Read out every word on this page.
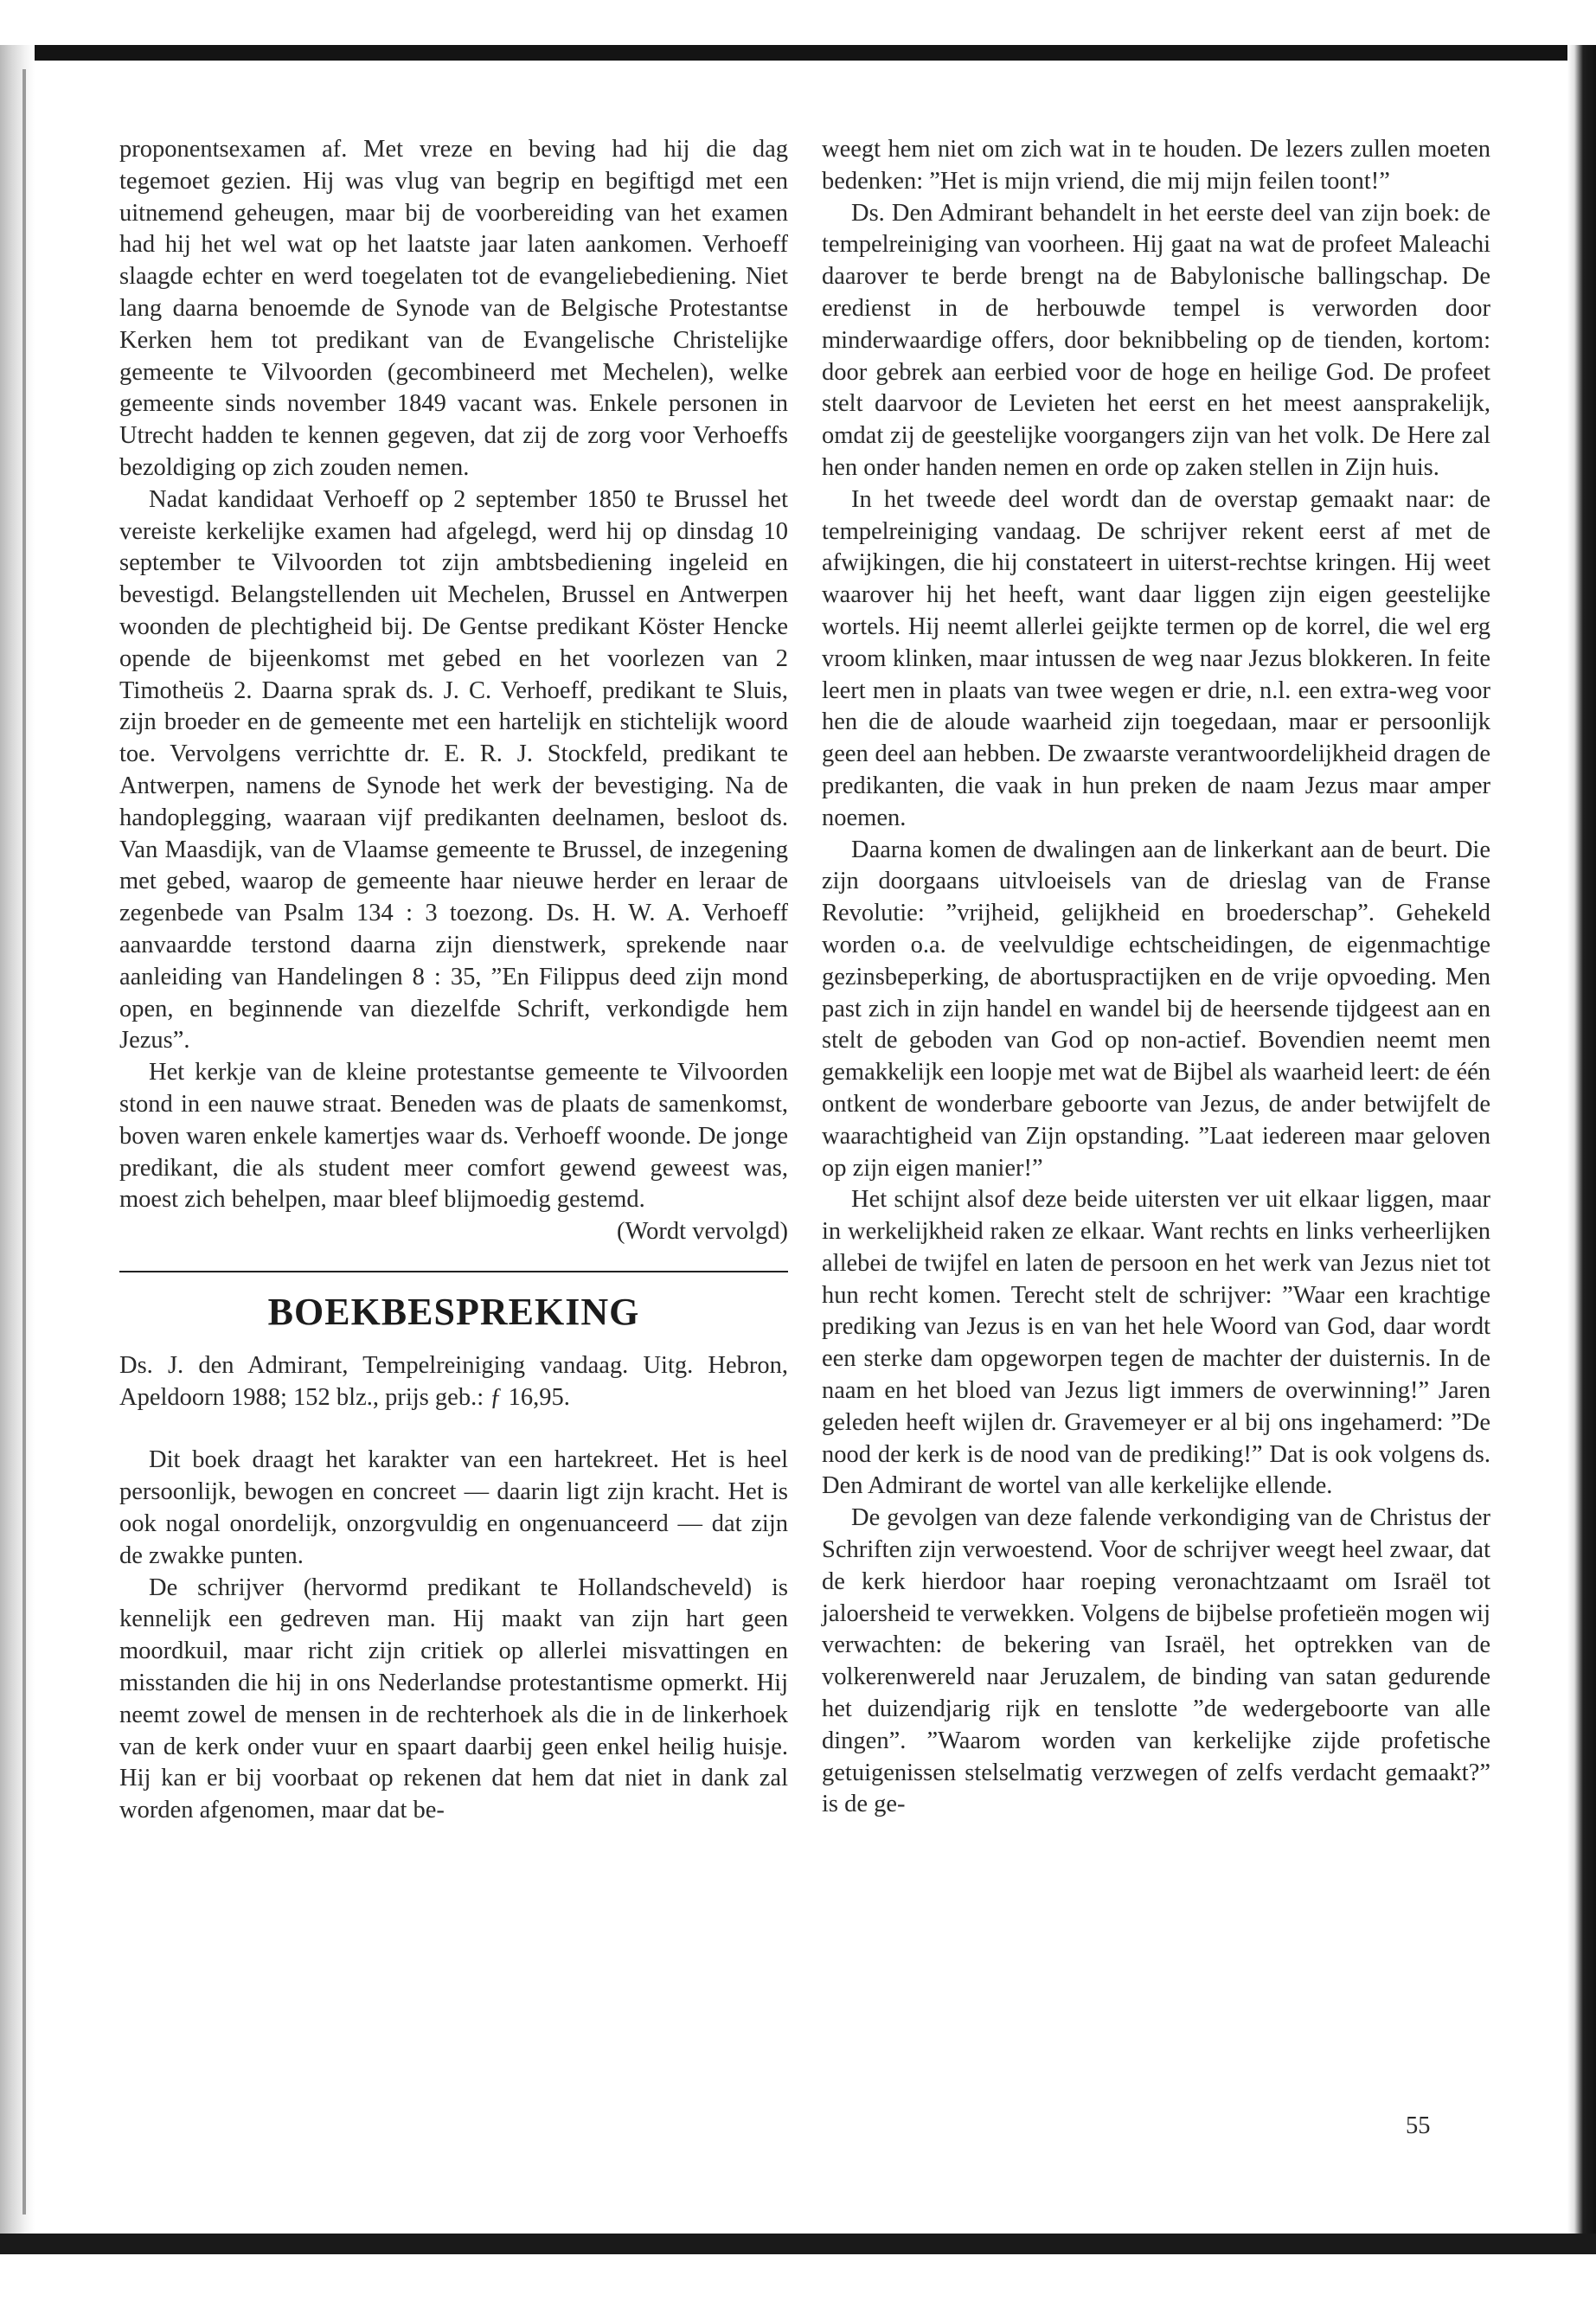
proponentsexamen af. Met vreze en beving had hij die dag tegemoet gezien. Hij was vlug van begrip en begiftigd met een uitnemend geheugen, maar bij de voorbereiding van het examen had hij het wel wat op het laatste jaar laten aankomen. Verhoeff slaagde echter en werd toegelaten tot de evangeliebediening. Niet lang daarna benoemde de Synode van de Belgische Protestantse Kerken hem tot predikant van de Evangelische Christelijke gemeente te Vilvoorden (gecombineerd met Mechelen), welke gemeente sinds november 1849 vacant was. Enkele personen in Utrecht hadden te kennen gegeven, dat zij de zorg voor Verhoeffs bezoldiging op zich zouden nemen.

Nadat kandidaat Verhoeff op 2 september 1850 te Brussel het vereiste kerkelijke examen had afgelegd, werd hij op dinsdag 10 september te Vilvoorden tot zijn ambtsbediening ingeleid en bevestigd. Belangstellenden uit Mechelen, Brussel en Antwerpen woonden de plechtigheid bij. De Gentse predikant Köster Hencke opende de bijeenkomst met gebed en het voorlezen van 2 Timotheüs 2. Daarna sprak ds. J. C. Verhoeff, predikant te Sluis, zijn broeder en de gemeente met een hartelijk en stichtelijk woord toe. Vervolgens verrichtte dr. E. R. J. Stockfeld, predikant te Antwerpen, namens de Synode het werk der bevestiging. Na de handoplegging, waaraan vijf predikanten deelnamen, besloot ds. Van Maasdijk, van de Vlaamse gemeente te Brussel, de inzegening met gebed, waarop de gemeente haar nieuwe herder en leraar de zegenbede van Psalm 134 : 3 toezong. Ds. H. W. A. Verhoeff aanvaardde terstond daarna zijn dienstwerk, sprekende naar aanleiding van Handelingen 8 : 35, ”En Filippus deed zijn mond open, en beginnende van diezelfde Schrift, verkondigde hem Jezus”.

Het kerkje van de kleine protestantse gemeente te Vilvoorden stond in een nauwe straat. Beneden was de plaats de samenkomst, boven waren enkele kamertjes waar ds. Verhoeff woonde. De jonge predikant, die als student meer comfort gewend geweest was, moest zich behelpen, maar bleef blijmoedig gestemd.

(Wordt vervolgd)

BOEKBESPREKING

Ds. J. den Admirant, Tempelreiniging vandaag. Uitg. Hebron, Apeldoorn 1988; 152 blz., prijs geb.: ƒ 16,95.

Dit boek draagt het karakter van een hartekreet. Het is heel persoonlijk, bewogen en concreet — daarin ligt zijn kracht. Het is ook nogal onordelijk, onzorgvuldig en ongenuanceerd — dat zijn de zwakke punten.

De schrijver (hervormd predikant te Hollandscheveld) is kennelijk een gedreven man. Hij maakt van zijn hart geen moordkuil, maar richt zijn critiek op allerlei misvattingen en misstanden die hij in ons Nederlandse protestantisme opmerkt. Hij neemt zowel de mensen in de rechterhoek als die in de linkerhoek van de kerk onder vuur en spaart daarbij geen enkel heilig huisje. Hij kan er bij voorbaat op rekenen dat hem dat niet in dank zal worden afgenomen, maar dat be-

weegt hem niet om zich wat in te houden. De lezers zullen moeten bedenken: ”Het is mijn vriend, die mij mijn feilen toont!”

Ds. Den Admirant behandelt in het eerste deel van zijn boek: de tempelreiniging van voorheen. Hij gaat na wat de profeet Maleachi daarover te berde brengt na de Babylonische ballingschap. De eredienst in de herbouwde tempel is verworden door minderwaardige offers, door beknibbeling op de tienden, kortom: door gebrek aan eerbied voor de hoge en heilige God. De profeet stelt daarvoor de Levieten het eerst en het meest aansprakelijk, omdat zij de geestelijke voorgangers zijn van het volk. De Here zal hen onder handen nemen en orde op zaken stellen in Zijn huis.

In het tweede deel wordt dan de overstap gemaakt naar: de tempelreiniging vandaag. De schrijver rekent eerst af met de afwijkingen, die hij constateert in uiterst-rechtse kringen. Hij weet waarover hij het heeft, want daar liggen zijn eigen geestelijke wortels. Hij neemt allerlei geijkte termen op de korrel, die wel erg vroom klinken, maar intussen de weg naar Jezus blokkeren. In feite leert men in plaats van twee wegen er drie, n.l. een extra-weg voor hen die de aloude waarheid zijn toegedaan, maar er persoonlijk geen deel aan hebben. De zwaarste verantwoordelijkheid dragen de predikanten, die vaak in hun preken de naam Jezus maar amper noemen.

Daarna komen de dwalingen aan de linkerkant aan de beurt. Die zijn doorgaans uitvloeisels van de drieslag van de Franse Revolutie: ”vrijheid, gelijkheid en broederschap”. Gehekeld worden o.a. de veelvuldige echtscheidingen, de eigenmachtige gezinsbeperking, de abortuspractijken en de vrije opvoeding. Men past zich in zijn handel en wandel bij de heersende tijdgeest aan en stelt de geboden van God op non-actief. Bovendien neemt men gemakkelijk een loopje met wat de Bijbel als waarheid leert: de één ontkent de wonderbare geboorte van Jezus, de ander betwijfelt de waarachtigheid van Zijn opstanding. ”Laat iedereen maar geloven op zijn eigen manier!”

Het schijnt alsof deze beide uitersten ver uit elkaar liggen, maar in werkelijkheid raken ze elkaar. Want rechts en links verheerlijken allebei de twijfel en laten de persoon en het werk van Jezus niet tot hun recht komen. Terecht stelt de schrijver: ”Waar een krachtige prediking van Jezus is en van het hele Woord van God, daar wordt een sterke dam opgeworpen tegen de machter der duisternis. In de naam en het bloed van Jezus ligt immers de overwinning!” Jaren geleden heeft wijlen dr. Gravemeyer er al bij ons ingehamerd: ”De nood der kerk is de nood van de prediking!” Dat is ook volgens ds. Den Admirant de wortel van alle kerkelijke ellende.

De gevolgen van deze falende verkondiging van de Christus der Schriften zijn verwoestend. Voor de schrijver weegt heel zwaar, dat de kerk hierdoor haar roeping veronachtzaamt om Israël tot jaloersheid te verwekken. Volgens de bijbelse profetieën mogen wij verwachten: de bekering van Israël, het optrekken van de volkerenwereld naar Jeruzalem, de binding van satan gedurende het duizendjarig rijk en tenslotte ”de wedergeboorte van alle dingen”. ”Waarom worden van kerkelijke zijde profetische getuigenissen stelselmatig verzwegen of zelfs verdacht gemaakt?” is de ge-

55
